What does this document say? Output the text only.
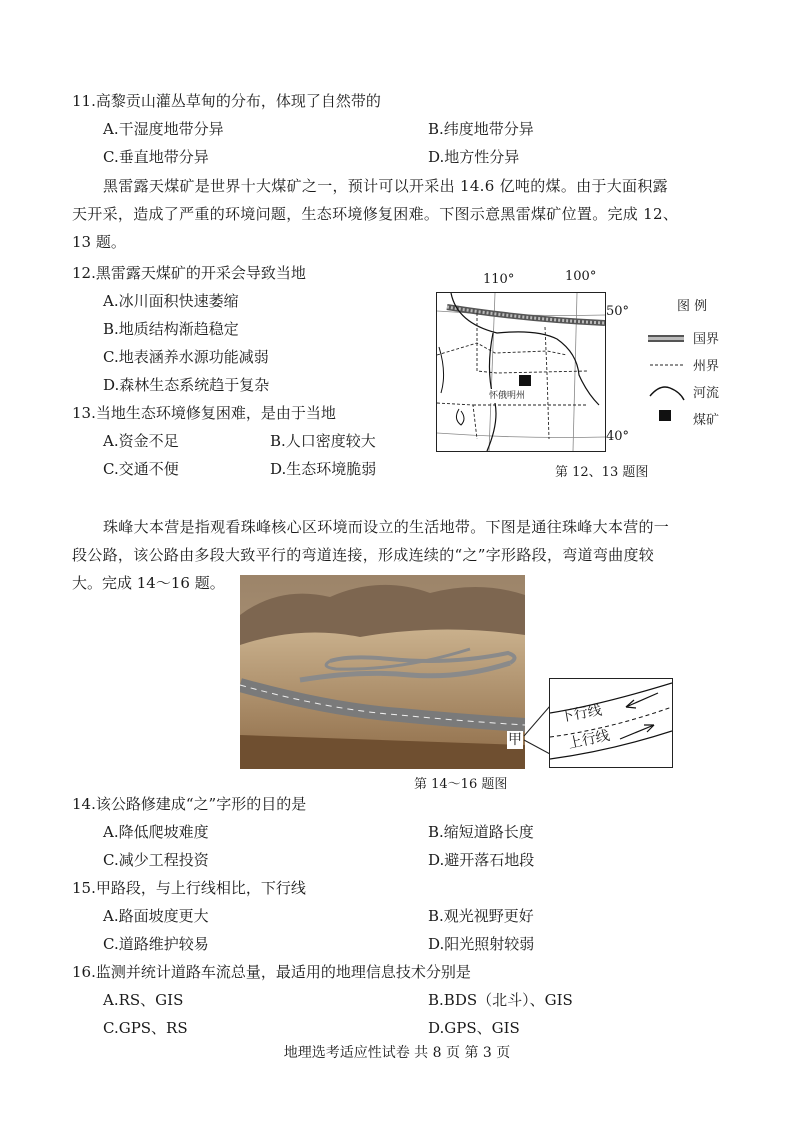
11.高黎贡山灌丛草甸的分布，体现了自然带的
A.干湿度地带分异	B.纬度地带分异
C.垂直地带分异	D.地方性分异
黑雷露天煤矿是世界十大煤矿之一，预计可以开采出 14.6 亿吨的煤。由于大面积露
天开采，造成了严重的环境问题，生态环境修复困难。下图示意黑雷煤矿位置。完成 12、
13 题。
12.黑雷露天煤矿的开采会导致当地
A.冰川面积快速萎缩
B.地质结构渐趋稳定
C.地表涵养水源功能减弱
D.森林生态系统趋于复杂
13.当地生态环境修复困难，是由于当地
A.资金不足	B.人口密度较大
C.交通不便	D.生态环境脆弱
110°	100°
50°
40°
怀俄明州
图 例
国界
州界
河流
煤矿
第 12、13 题图
珠峰大本营是指观看珠峰核心区环境而设立的生活地带。下图是通往珠峰大本营的一
段公路，该公路由多段大致平行的弯道连接，形成连续的“之”字形路段，弯道弯曲度较
大。完成 14～16 题。
甲
下行线
上行线
第 14～16 题图
14.该公路修建成“之”字形的目的是
A.降低爬坡难度	B.缩短道路长度
C.减少工程投资	D.避开落石地段
15.甲路段，与上行线相比，下行线
A.路面坡度更大	B.观光视野更好
C.道路维护较易	D.阳光照射较弱
16.监测并统计道路车流总量，最适用的地理信息技术分别是
A.RS、GIS	B.BDS（北斗）、GIS
C.GPS、RS	D.GPS、GIS
地理选考适应性试卷 共 8 页 第 3 页
